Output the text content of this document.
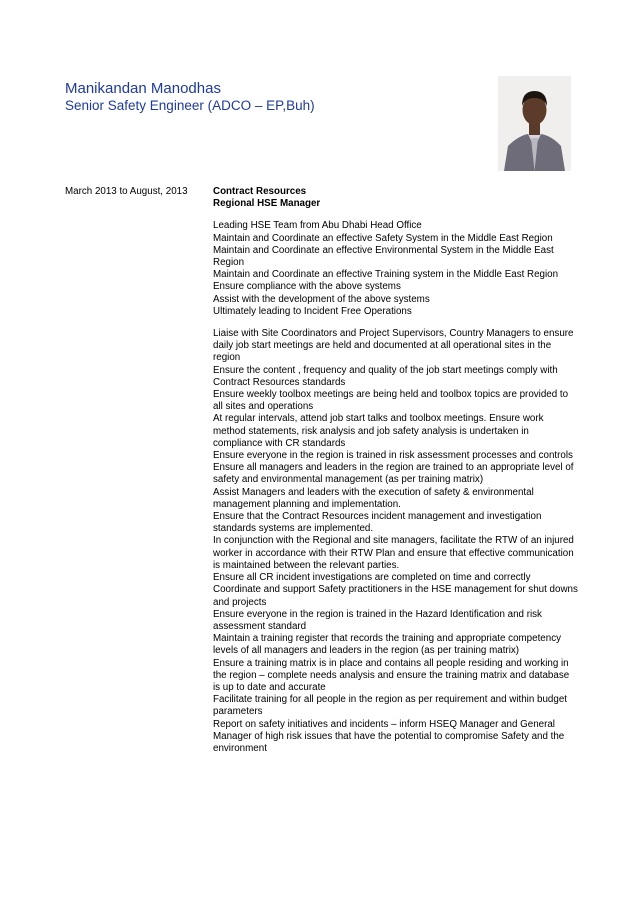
Manikandan Manodhas
Senior Safety Engineer (ADCO – EP,Buh)
March 2013 to August, 2013	Contract Resources
Regional HSE Manager
Leading HSE Team from Abu Dhabi Head Office
Maintain and Coordinate an effective Safety System in the Middle East Region
Maintain and Coordinate an effective Environmental System in the Middle East Region
Maintain and Coordinate an effective Training system in the Middle East Region
Ensure compliance with the above systems
Assist with the development of the above systems
Ultimately leading to Incident Free Operations
Liaise with Site Coordinators and Project Supervisors, Country Managers to ensure daily job start meetings are held and documented at all operational sites in the region
Ensure the content , frequency and quality of the job start meetings comply with Contract Resources standards
Ensure weekly toolbox meetings are being held and toolbox topics are provided to all sites and operations
At regular intervals, attend job start talks and toolbox meetings. Ensure work method statements, risk analysis and job safety analysis is undertaken in compliance with CR standards
Ensure everyone in the region is trained in risk assessment processes and controls
Ensure all managers and leaders in the region are trained to an appropriate level of safety and environmental management (as per training matrix)
Assist Managers and leaders with the execution of safety & environmental management planning and implementation.
Ensure that the Contract Resources incident management and investigation standards systems are implemented.
In conjunction with the Regional and site managers, facilitate the RTW of an injured worker in accordance with their RTW Plan and ensure that effective communication is maintained between the relevant parties.
Ensure all CR incident investigations are completed on time and correctly
Coordinate and support Safety practitioners in the HSE management for shut downs and projects
Ensure everyone in the region is trained in the Hazard Identification and risk assessment standard
Maintain a training register that records the training and appropriate competency levels of all managers and leaders in the region (as per training matrix)
Ensure a training matrix is in place and contains all people residing and working in the region – complete needs analysis and ensure the training matrix and database is up to date and accurate
Facilitate training for all people in the region as per requirement and within budget parameters
Report on safety initiatives and incidents – inform HSEQ Manager and General Manager of high risk issues that have the potential to compromise Safety and the environment
